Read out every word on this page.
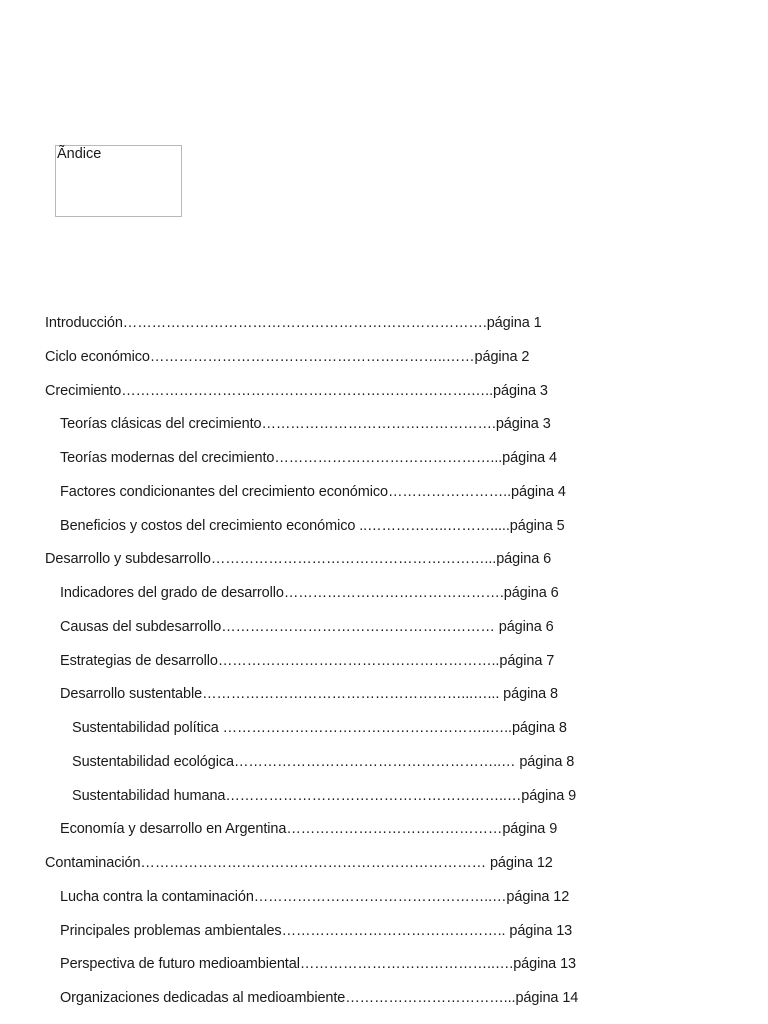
Ãndice
Introducción………………………………………………………………….página 1
Ciclo económico……………………………………………………..……página 2
Crecimiento……………………………………………………………….…..página 3
Teorías clásicas del crecimiento………………………………………….página 3
Teorías modernas del crecimiento………………………………………...página 4
Factores condicionantes del crecimiento económico……………………..página 4
Beneficios y costos del crecimiento económico ..……………..……….....página 5
Desarrollo y subdesarrollo…………………………………………………...página 6
Indicadores del grado de desarrollo……………………………………….página 6
Causas del subdesarrollo………………………………………………… página 6
Estrategias de desarrollo…………………………………………………..página 7
Desarrollo sustentable………………………………………………...…... página 8
Sustentabilidad política ………………………………………………..…..página 8
Sustentabilidad ecológica………………………………………………..… página 8
Sustentabilidad humana…………………………………………………..…página 9
Economía y desarrollo en Argentina………………………………………página 9
Contaminación……………………………………………………………… página 12
Lucha contra la contaminación…………………………………………..…página 12
Principales problemas ambientales……………………………………….. página 13
Perspectiva de futuro medioambiental…………………………………..….página 13
Organizaciones dedicadas al medioambiente……………………………...página 14
